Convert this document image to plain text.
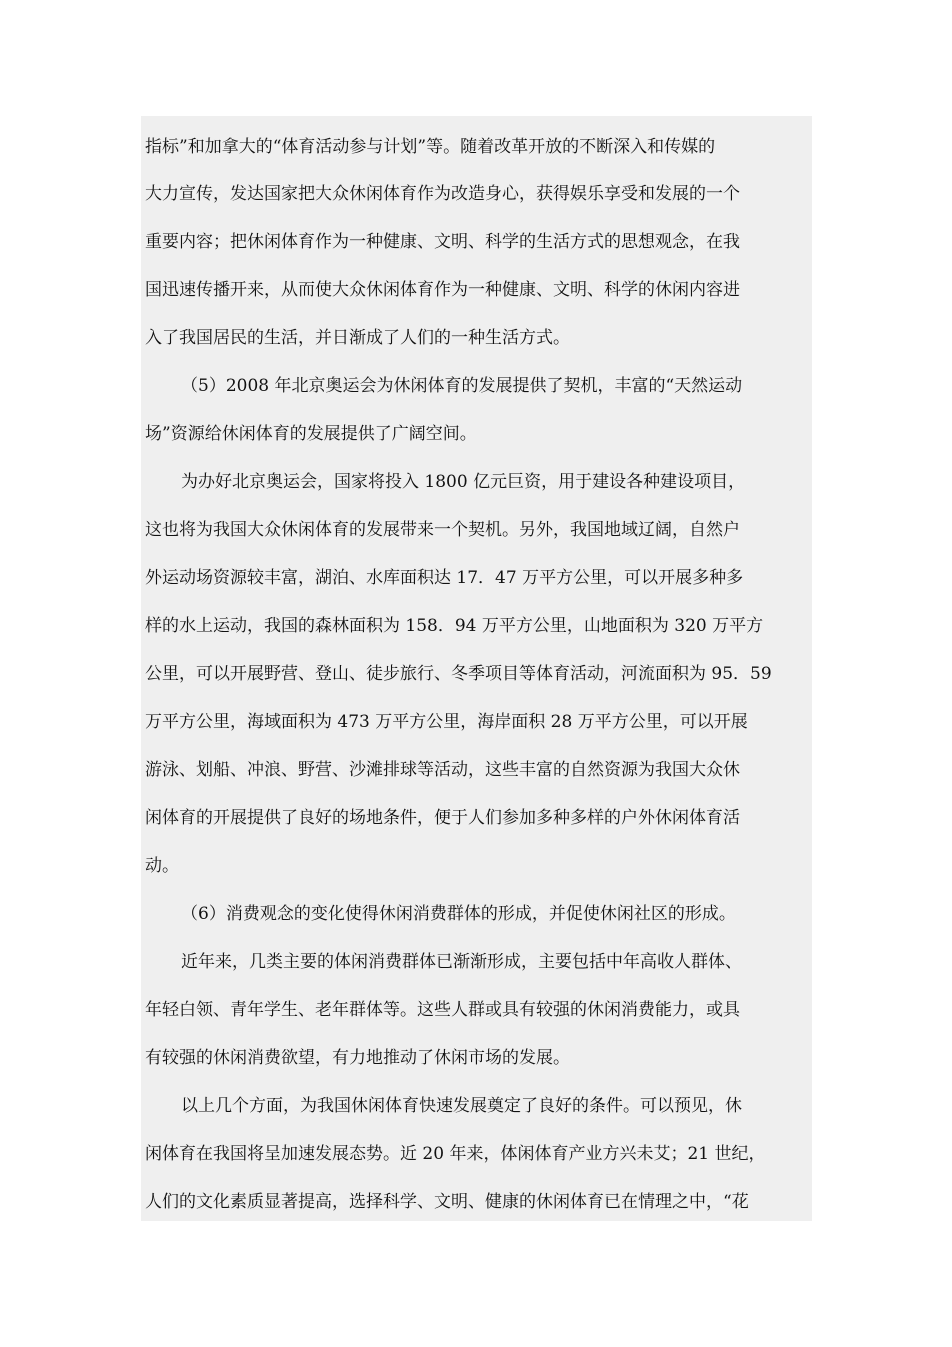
指标”和加拿大的“体育活动参与计划”等。随着改革开放的不断深入和传媒的
大力宣传，发达国家把大众休闲体育作为改造身心，获得娱乐享受和发展的一个
重要内容；把休闲体育作为一种健康、文明、科学的生活方式的思想观念，在我
国迅速传播开来，从而使大众休闲体育作为一种健康、文明、科学的休闲内容进
入了我国居民的生活，并日渐成了人们的一种生活方式。
（5）2008 年北京奥运会为休闲体育的发展提供了契机，丰富的“天然运动
场”资源给休闲体育的发展提供了广阔空间。
为办好北京奥运会，国家将投入 1800 亿元巨资，用于建设各种建设项目，
这也将为我国大众休闲体育的发展带来一个契机。另外，我国地域辽阔，自然户
外运动场资源较丰富，湖泊、水库面积达 17．47 万平方公里，可以开展多种多
样的水上运动，我国的森林面积为 158．94 万平方公里，山地面积为 320 万平方
公里，可以开展野营、登山、徒步旅行、冬季项目等体育活动，河流面积为 95．59
万平方公里，海域面积为 473 万平方公里，海岸面积 28 万平方公里，可以开展
游泳、划船、冲浪、野营、沙滩排球等活动，这些丰富的自然资源为我国大众休
闲体育的开展提供了良好的场地条件，便于人们参加多种多样的户外休闲体育活
动。
（6）消费观念的变化使得休闲消费群体的形成，并促使休闲社区的形成。
近年来，几类主要的体闲消费群体已渐渐形成，主要包括中年高收人群体、
年轻白领、青年学生、老年群体等。这些人群或具有较强的休闲消费能力，或具
有较强的休闲消费欲望，有力地推动了休闲市场的发展。
以上几个方面，为我国休闲体育快速发展奠定了良好的条件。可以预见，休
闲体育在我国将呈加速发展态势。近 20 年来，体闲体育产业方兴未艾；21 世纪，
人们的文化素质显著提高，选择科学、文明、健康的休闲体育已在情理之中，“花
